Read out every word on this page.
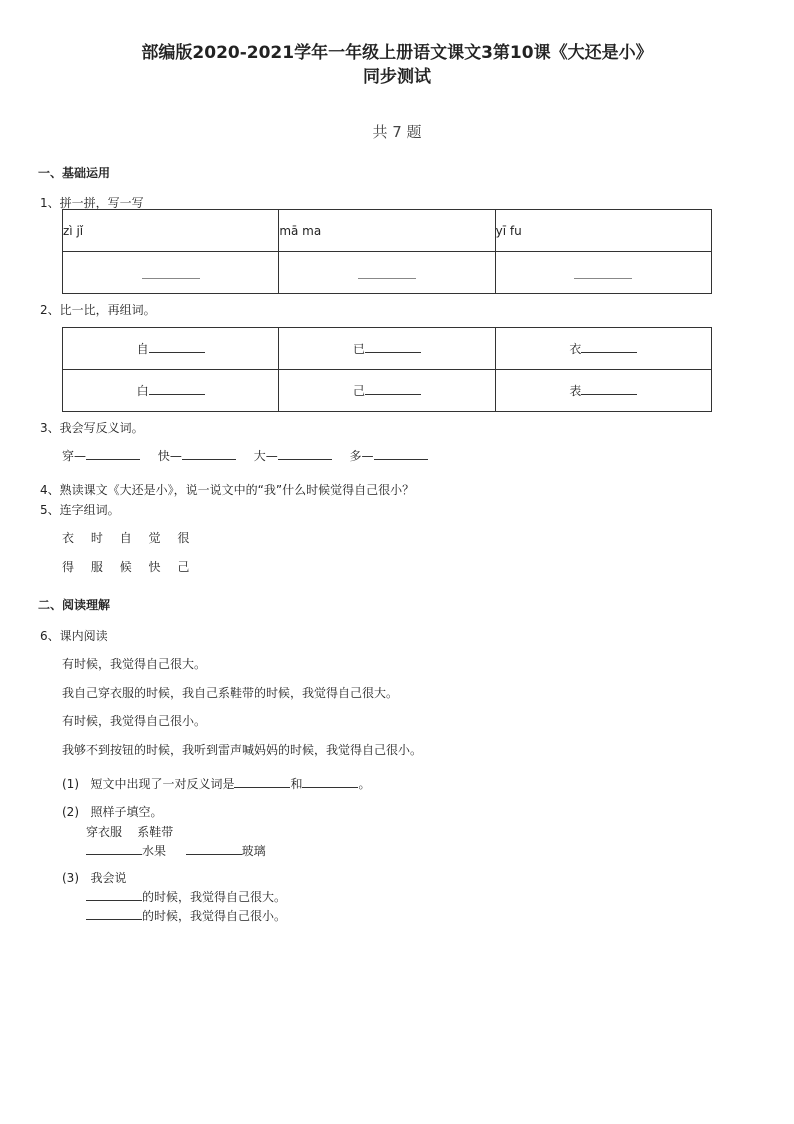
部编版2020-2021学年一年级上册语文课文3第10课《大还是小》
同步测试
共 7 题
一、基础运用
1、拼一拼，写一写
zì jǐ	mā ma	yī fu

2、比一比，再组词。
自	已	衣
白	己	表
3、我会写反义词。
穿—	快—	大—	多—
4、熟读课文《大还是小》，说一说文中的“我”什么时候觉得自己很小？
5、连字组词。
衣 时 自 觉 很
得 服 候 快 己
二、阅读理解
6、课内阅读
有时候，我觉得自己很大。
我自己穿衣服的时候，我自己系鞋带的时候，我觉得自己很大。
有时候，我觉得自己很小。
我够不到按钮的时候，我听到雷声喊妈妈的时候，我觉得自己很小。
(1) 短文中出现了一对反义词是	和	。
(2) 照样子填空。
穿衣服    系鞋带
水果	玻璃
(3) 我会说
的时候，我觉得自己很大。
的时候，我觉得自己很小。
